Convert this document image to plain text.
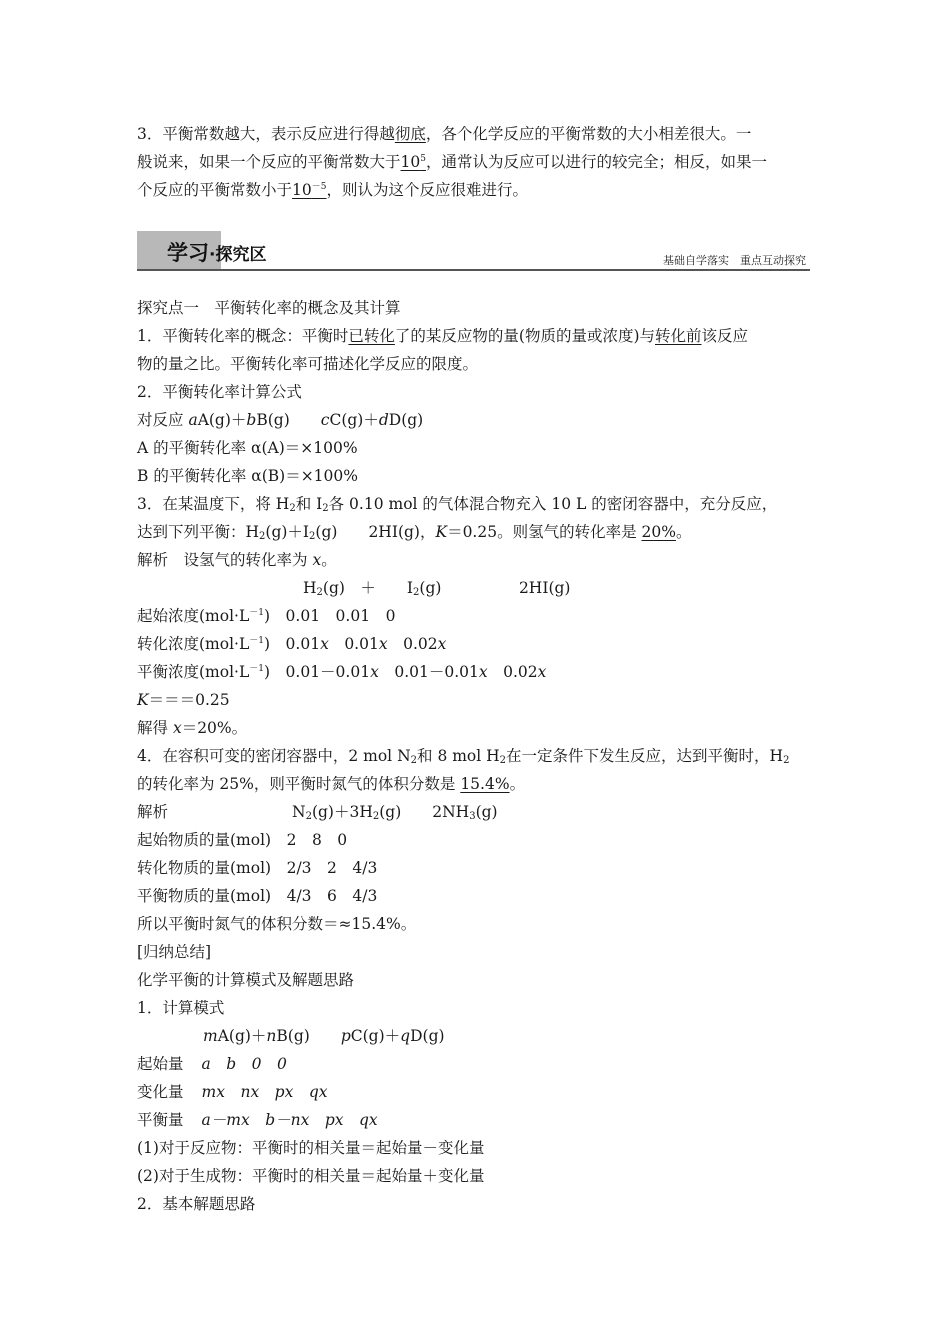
3．平衡常数越大，表示反应进行得越彻底，各个化学反应的平衡常数的大小相差很大。一
般说来，如果一个反应的平衡常数大于$10^5$，通常认为反应可以进行的较完全；相反，如果一
个反应的平衡常数小于$10^{-5}$，则认为这个反应很难进行。
学习·探究区	基础自学落实　重点互动探究
探究点一　平衡转化率的概念及其计算
1．平衡转化率的概念：平衡时已转化了的某反应物的量(物质的量或浓度)与转化前该反应
物的量之比。平衡转化率可描述化学反应的限度。
2．平衡转化率计算公式
对反应 aA(g)＋bB(g)　　cC(g)＋dD(g)
A 的平衡转化率 α(A)＝×100%
B 的平衡转化率 α(B)＝×100%
3．在某温度下，将 $H_2$和 $I_2$各 0.10 mol 的气体混合物充入 10 L 的密闭容器中，充分反应，
达到下列平衡：$H_2(g)+I_2(g)$　　2HI(g)，K＝0.25。则氢气的转化率是 20%。
解析　设氢气的转化率为 x。
$H_2(g)$　＋　　$I_2(g)$　　　　　2HI(g)
起始浓度$(mol\cdot L^{-1})$　0.01　0.01　0
转化浓度$(mol\cdot L^{-1})$　0.01x　0.01x　0.02x
平衡浓度$(mol\cdot L^{-1})$　0.01－0.01x　0.01－0.01x　0.02x
K＝＝＝0.25
解得 x＝20%。
4．在容积可变的密闭容器中，2 mol $N_2$和 8 mol $H_2$在一定条件下发生反应，达到平衡时，$H_2$
的转化率为 25%，则平衡时氮气的体积分数是 15.4%。
解析　　　　　　　　$N_2(g)+3H_2(g)$　　$2NH_3(g)$
起始物质的量(mol)　2　8　0
转化物质的量(mol)　2/3　2　4/3
平衡物质的量(mol)　4/3　6　4/3
所以平衡时氮气的体积分数＝≈15.4%。
[归纳总结]
化学平衡的计算模式及解题思路
1．计算模式
mA(g)＋nB(g)　　pC(g)＋qD(g)
起始量 a　b　0　0
变化量 mx　nx　px　qx
平衡量 a－mx　b－nx　px　qx
(1)对于反应物：平衡时的相关量＝起始量－变化量
(2)对于生成物：平衡时的相关量＝起始量＋变化量
2．基本解题思路
